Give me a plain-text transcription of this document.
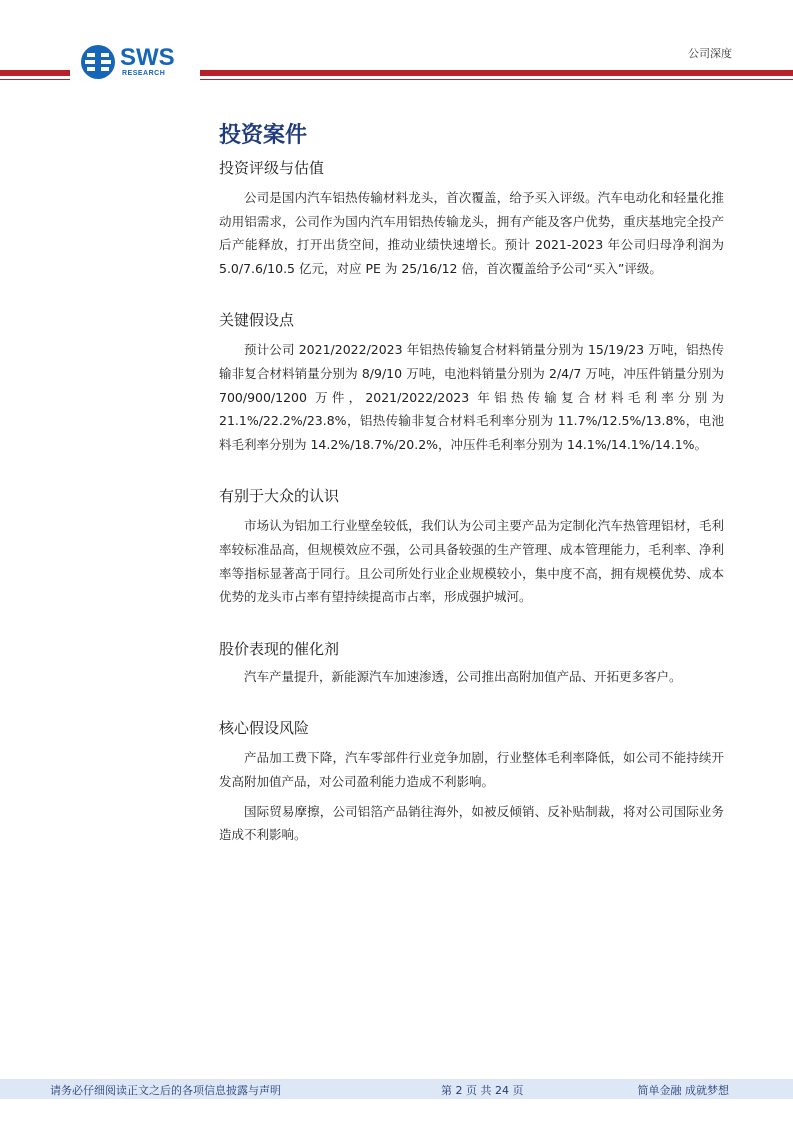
SWS
RESEARCH
公司深度
投资案件
投资评级与估值

公司是国内汽车铝热传输材料龙头，首次覆盖，给予买入评级。汽车电动化和轻量化推动用铝需求，公司作为国内汽车用铝热传输龙头，拥有产能及客户优势，重庆基地完全投产后产能释放，打开出货空间，推动业绩快速增长。预计 2021-2023 年公司归母净利润为 5.0/7.6/10.5 亿元，对应 PE 为 25/16/12 倍，首次覆盖给予公司“买入”评级。

关键假设点

预计公司 2021/2022/2023 年铝热传输复合材料销量分别为 15/19/23 万吨，铝热传输非复合材料销量分别为 8/9/10 万吨，电池料销量分别为 2/4/7 万吨，冲压件销量分别为 700/900/1200 万件，2021/2022/2023 年铝热传输复合材料毛利率分别为 21.1%/22.2%/23.8%，铝热传输非复合材料毛利率分别为 11.7%/12.5%/13.8%，电池料毛利率分别为 14.2%/18.7%/20.2%，冲压件毛利率分别为 14.1%/14.1%/14.1%。

有别于大众的认识

市场认为铝加工行业壁垒较低，我们认为公司主要产品为定制化汽车热管理铝材，毛利率较标准品高，但规模效应不强，公司具备较强的生产管理、成本管理能力，毛利率、净利率等指标显著高于同行。且公司所处行业企业规模较小，集中度不高，拥有规模优势、成本优势的龙头市占率有望持续提高市占率，形成强护城河。

股价表现的催化剂

汽车产量提升，新能源汽车加速渗透，公司推出高附加值产品、开拓更多客户。

核心假设风险

产品加工费下降，汽车零部件行业竞争加剧，行业整体毛利率降低，如公司不能持续开发高附加值产品，对公司盈利能力造成不利影响。

国际贸易摩擦，公司铝箔产品销往海外，如被反倾销、反补贴制裁，将对公司国际业务造成不利影响。

请务必仔细阅读正文之后的各项信息披露与声明	第 2 页 共 24 页	简单金融 成就梦想
